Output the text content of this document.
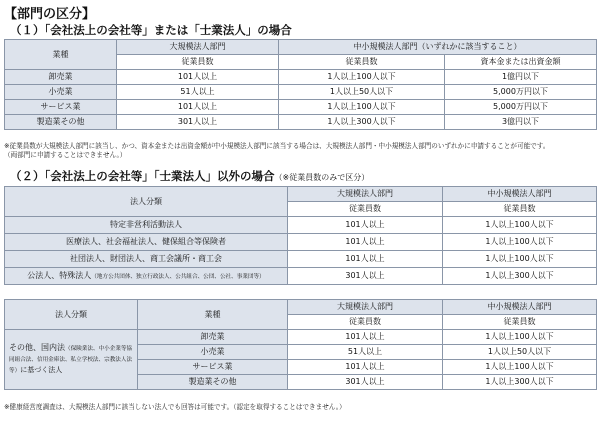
【部門の区分】
（１）「会社法上の会社等」または「士業法人」の場合
業種	大規模法人部門	中小規模法人部門（いずれかに該当すること）	
	従業員数	従業員数	資本金または出資金額
卸売業	101人以上	1人以上100人以下	1億円以下
小売業	51人以上	1人以上50人以下	5,000万円以下
サービス業	101人以上	1人以上100人以下	5,000万円以下
製造業その他	301人以上	1人以上300人以下	3億円以下
※従業員数が大規模法人部門に該当し、かつ、資本金または出資金額が中小規模法人部門に該当する場合は、大規模法人部門・中小規模法人部門のいずれかに申請することが可能です。
（両部門に申請することはできません。）
（２）「会社法上の会社等」「士業法人」以外の場合（※従業員数のみで区分）
法人分類	大規模法人部門	中小規模法人部門
	従業員数	従業員数
特定非営利活動法人	101人以上	1人以上100人以下
医療法人、社会福祉法人、健保組合等保険者	101人以上	1人以上100人以下
社団法人、財団法人、商工会議所・商工会	101人以上	1人以上100人以下
公法人、特殊法人（地方公共団体、独立行政法人、公共組合、公団、公社、事業団等）	301人以上	1人以上300人以下
法人分類	業種	大規模法人部門	中小規模法人部門
		従業員数	従業員数
その他、国内法（保険業法、中小企業等協同組合法、信用金庫法、私立学校法、宗教法人法等）に基づく法人	卸売業	101人以上	1人以上100人以下
	小売業	51人以上	1人以上50人以下
	サービス業	101人以上	1人以上100人以下
	製造業その他	301人以上	1人以上300人以下
※健康経営度調査は、大規模法人部門に該当しない法人でも回答は可能です。（認定を取得することはできません。）
